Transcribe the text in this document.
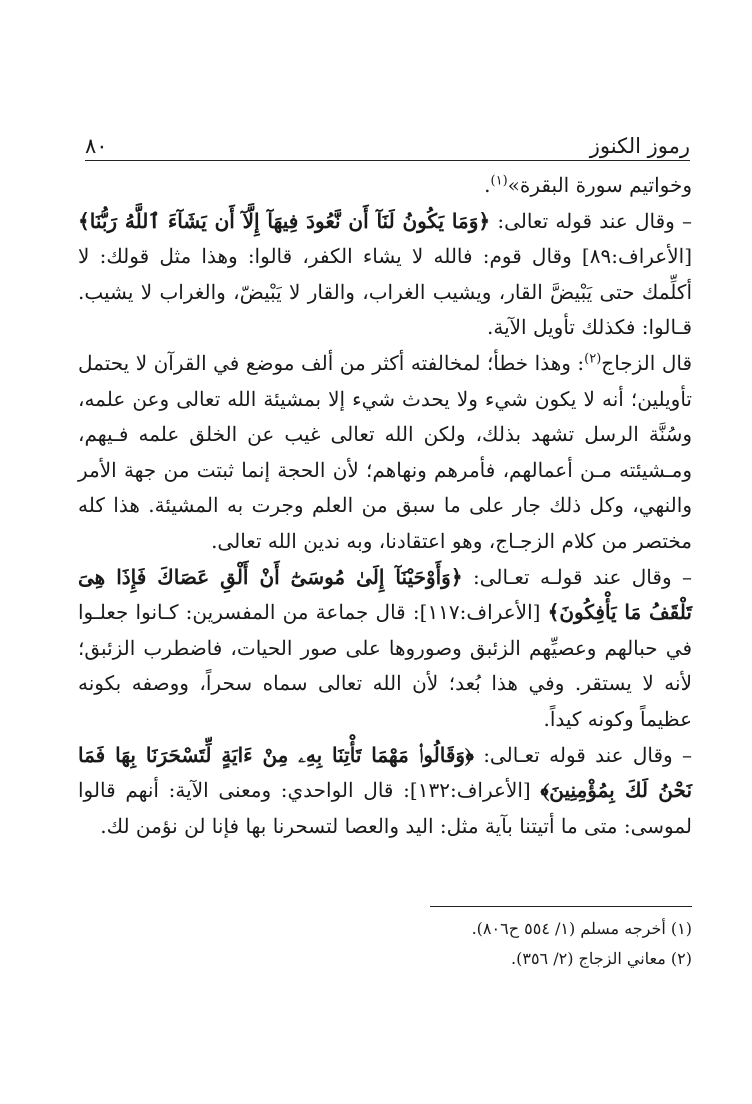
رموز الكنوز
٨٠

وخواتيم سورة البقرة»$^{(١)}$.

– وقال عند قوله تعالى: ﴿وَمَا يَكُونُ لَنَآ أَن نَّعُودَ فِيهَآ إِلَّآ أَن يَشَآءَ ٱللَّهُ رَبُّنَا﴾ [الأعراف:٨٩] وقال قوم: فالله لا يشاء الكفر، قالوا: وهذا مثل قولك: لا أكلِّمك حتى يَبْيضَّ القار، ويشيب الغراب، والقار لا يَبْيضّ، والغراب لا يشيب. قـالوا: فكذلك تأويل الآية.

قال الزجاج$^{(٢)}$: وهذا خطأ؛ لمخالفته أكثر من ألف موضع في القرآن لا يحتمل تأويلين؛ أنه لا يكون شيء ولا يحدث شيء إلا بمشيئة الله تعالى وعن علمه، وسُنَّة الرسل تشهد بذلك، ولكن الله تعالى غيب عن الخلق علمه فـيهم، ومـشيئته مـن أعمالهم، فأمرهم ونهاهم؛ لأن الحجة إنما ثبتت من جهة الأمر والنهي، وكل ذلك جار على ما سبق من العلم وجرت به المشيئة. هذا كله مختصر من كلام الزجـاج، وهو اعتقادنا، وبه ندين الله تعالى.

– وقال عند قولـه تعـالى: ﴿وَأَوْحَيْنَآ إِلَىٰ مُوسَىٰٓ أَنْ أَلْقِ عَصَاكَ فَإِذَا هِىَ تَلْقَفُ مَا يَأْفِكُونَ﴾ [الأعراف:١١٧]: قال جماعة من المفسرين: كـانوا جعلـوا في حبالهم وعصيِّهم الزئبق وصوروها على صور الحيات، فاضطرب الزئبق؛ لأنه لا يستقر. وفي هذا بُعد؛ لأن الله تعالى سماه سحراً، ووصفه بكونه عظيماً وكونه كيداً.

– وقال عند قوله تعـالى: ﴿وَقَالُوا۟ مَهْمَا تَأْتِنَا بِهِۦ مِنْ ءَايَةٍ لِّتَسْحَرَنَا بِهَا فَمَا نَحْنُ لَكَ بِمُؤْمِنِينَ﴾ [الأعراف:١٣٢]: قال الواحدي: ومعنى الآية: أنهم قالوا لموسى: متى ما أتيتنا بآية مثل: اليد والعصا لتسحرنا بها فإنا لن نؤمن لك.

(١) أخرجه مسلم (١/ ٥٥٤ ح٨٠٦).
(٢) معاني الزجاج (٢/ ٣٥٦).
